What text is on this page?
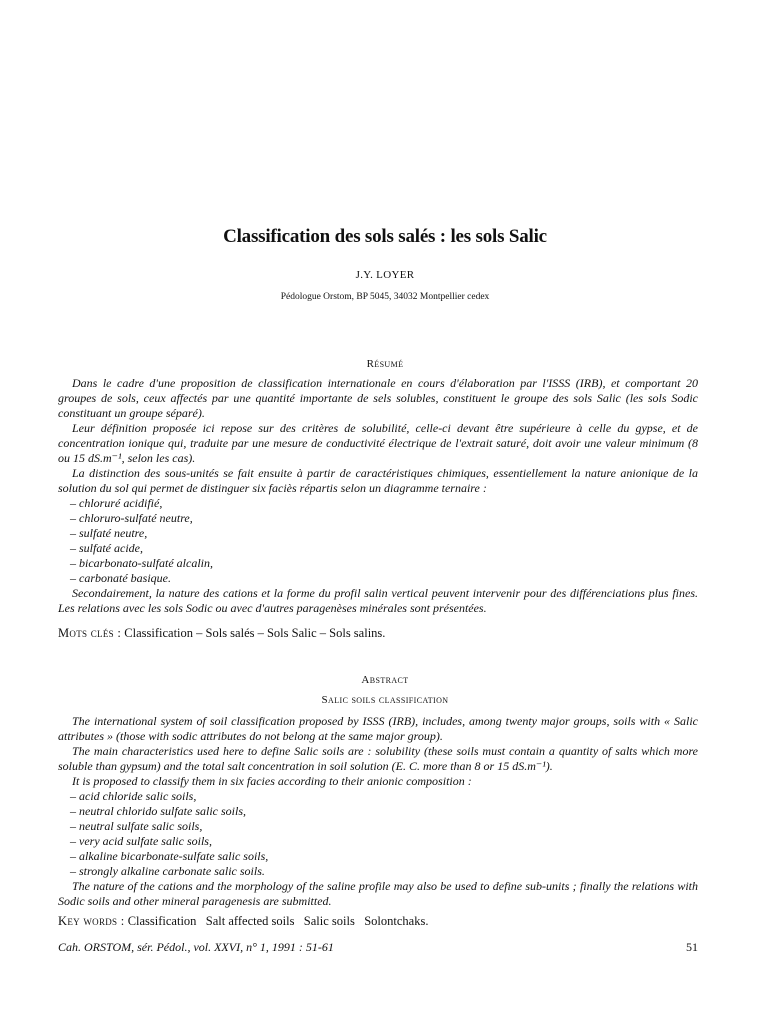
Classification des sols salés : les sols Salic
J.Y. LOYER
Pédologue Orstom, BP 5045, 34032 Montpellier cedex
Résumé

Dans le cadre d'une proposition de classification internationale en cours d'élaboration par l'ISSS (IRB), et comportant 20 groupes de sols, ceux affectés par une quantité importante de sels solubles, constituent le groupe des sols Salic (les sols Sodic constituant un groupe séparé).

Leur définition proposée ici repose sur des critères de solubilité, celle-ci devant être supérieure à celle du gypse, et de concentration ionique qui, traduite par une mesure de conductivité électrique de l'extrait saturé, doit avoir une valeur minimum (8 ou 15 dS.m⁻¹, selon les cas).

La distinction des sous-unités se fait ensuite à partir de caractéristiques chimiques, essentiellement la nature anionique de la solution du sol qui permet de distinguer six faciès répartis selon un diagramme ternaire :

– chloruré acidifié,
– chloruro-sulfaté neutre,
– sulfaté neutre,
– sulfaté acide,
– bicarbonato-sulfaté alcalin,
– carbonaté basique.

Secondairement, la nature des cations et la forme du profil salin vertical peuvent intervenir pour des différenciations plus fines. Les relations avec les sols Sodic ou avec d'autres paragenèses minérales sont présentées.

Mots clés : Classification – Sols salés – Sols Salic – Sols salins.
Abstract
Salic soils classification

The international system of soil classification proposed by ISSS (IRB), includes, among twenty major groups, soils with « Salic attributes » (those with sodic attributes do not belong at the same major group).

The main characteristics used here to define Salic soils are : solubility (these soils must contain a quantity of salts which more soluble than gypsum) and the total salt concentration in soil solution (E. C. more than 8 or 15 dS.m⁻¹).

It is proposed to classify them in six facies according to their anionic composition :

– acid chloride salic soils,
– neutral chlorido sulfate salic soils,
– neutral sulfate salic soils,
– very acid sulfate salic soils,
– alkaline bicarbonate-sulfate salic soils,
– strongly alkaline carbonate salic soils.

The nature of the cations and the morphology of the saline profile may also be used to define sub-units ; finally the relations with Sodic soils and other mineral paragenesis are submitted.

Key words : Classification   Salt affected soils   Salic soils   Solontchaks.
Cah. ORSTOM, sér. Pédol., vol. XXVI, n° 1, 1991 : 51-61	51
